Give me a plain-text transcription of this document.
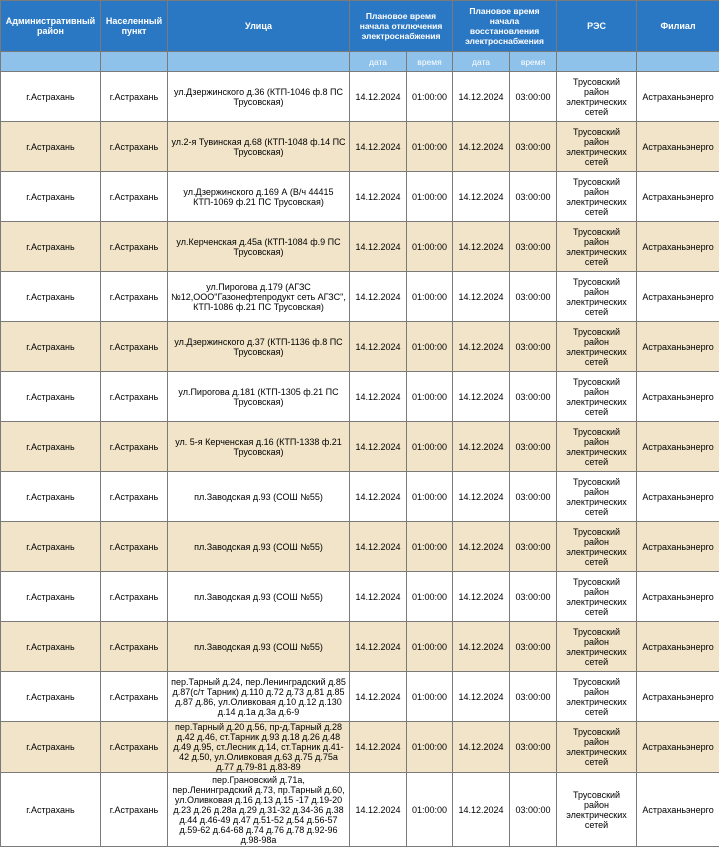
Административный район	Населенный пункт	Улица	Плановое время начала отключения электроснабжения		Плановое время начала восстановления электроснабжения		РЭС	Филиал
			дата	время	дата	время		
г.Астрахань	г.Астрахань	ул.Дзержинского д.36 (КТП-1046 ф.8 ПС Трусовская)	14.12.2024	01:00:00	14.12.2024	03:00:00	Трусовский район электрических сетей	Астраханьэнерго
г.Астрахань	г.Астрахань	ул.2-я Тувинская д.68 (КТП-1048 ф.14 ПС Трусовская)	14.12.2024	01:00:00	14.12.2024	03:00:00	Трусовский район электрических сетей	Астраханьэнерго
г.Астрахань	г.Астрахань	ул.Дзержинского д.169 А (В/ч 44415 КТП-1069 ф.21 ПС Трусовская)	14.12.2024	01:00:00	14.12.2024	03:00:00	Трусовский район электрических сетей	Астраханьэнерго
г.Астрахань	г.Астрахань	ул.Керченская д.45а (КТП-1084 ф.9 ПС Трусовская)	14.12.2024	01:00:00	14.12.2024	03:00:00	Трусовский район электрических сетей	Астраханьэнерго
г.Астрахань	г.Астрахань	ул.Пирогова д.179 (АГЗС №12,ООО"Газонефтепродукт сеть АГЗС", КТП-1086 ф.21 ПС Трусовская)	14.12.2024	01:00:00	14.12.2024	03:00:00	Трусовский район электрических сетей	Астраханьэнерго
г.Астрахань	г.Астрахань	ул.Дзержинского д.37 (КТП-1136 ф.8 ПС Трусовская)	14.12.2024	01:00:00	14.12.2024	03:00:00	Трусовский район электрических сетей	Астраханьэнерго
г.Астрахань	г.Астрахань	ул.Пирогова д.181 (КТП-1305 ф.21 ПС Трусовская)	14.12.2024	01:00:00	14.12.2024	03:00:00	Трусовский район электрических сетей	Астраханьэнерго
г.Астрахань	г.Астрахань	ул. 5-я Керченская д.16 (КТП-1338 ф.21 Трусовская)	14.12.2024	01:00:00	14.12.2024	03:00:00	Трусовский район электрических сетей	Астраханьэнерго
г.Астрахань	г.Астрахань	пл.Заводская д.93 (СОШ №55)	14.12.2024	01:00:00	14.12.2024	03:00:00	Трусовский район электрических сетей	Астраханьэнерго
г.Астрахань	г.Астрахань	пл.Заводская д.93 (СОШ №55)	14.12.2024	01:00:00	14.12.2024	03:00:00	Трусовский район электрических сетей	Астраханьэнерго
г.Астрахань	г.Астрахань	пл.Заводская д.93 (СОШ №55)	14.12.2024	01:00:00	14.12.2024	03:00:00	Трусовский район электрических сетей	Астраханьэнерго
г.Астрахань	г.Астрахань	пл.Заводская д.93 (СОШ №55)	14.12.2024	01:00:00	14.12.2024	03:00:00	Трусовский район электрических сетей	Астраханьэнерго
г.Астрахань	г.Астрахань	пер.Тарный д.24, пер.Ленинградский д.85 д.87(с/т Тарник) д.110 д.72 д.73 д.81 д.85 д.87 д.86, ул.Оливковая д.10 д.12 д.130 д.14 д.1а д.3а д.6-9	14.12.2024	01:00:00	14.12.2024	03:00:00	Трусовский район электрических сетей	Астраханьэнерго
г.Астрахань	г.Астрахань	пер.Тарный д.20 д.56, пр-д.Тарный д.28 д.42 д.46, ст.Тарник д.93 д.18 д.26 д.48 д.49 д.95, ст.Лесник д.14, ст.Тарник д.41-42 д.50, ул.Оливковая д.63 д.75 д.75а д.77 д.79-81 д.83-89	14.12.2024	01:00:00	14.12.2024	03:00:00	Трусовский район электрических сетей	Астраханьэнерго
г.Астрахань	г.Астрахань	пер.Грановский д.71а, пер.Ленинградский д.73, пр.Тарный д.60, ул.Оливковая д.16 д.13 д.15 -17 д.19-20 д.23 д.26 д.28а д.29 д.31-32 д.34-36 д.38 д.44 д.46-49 д.47 д.51-52 д.54 д.56-57 д.59-62 д.64-68 д.74 д.76 д.78 д.92-96 д.98-98а	14.12.2024	01:00:00	14.12.2024	03:00:00	Трусовский район электрических сетей	Астраханьэнерго
